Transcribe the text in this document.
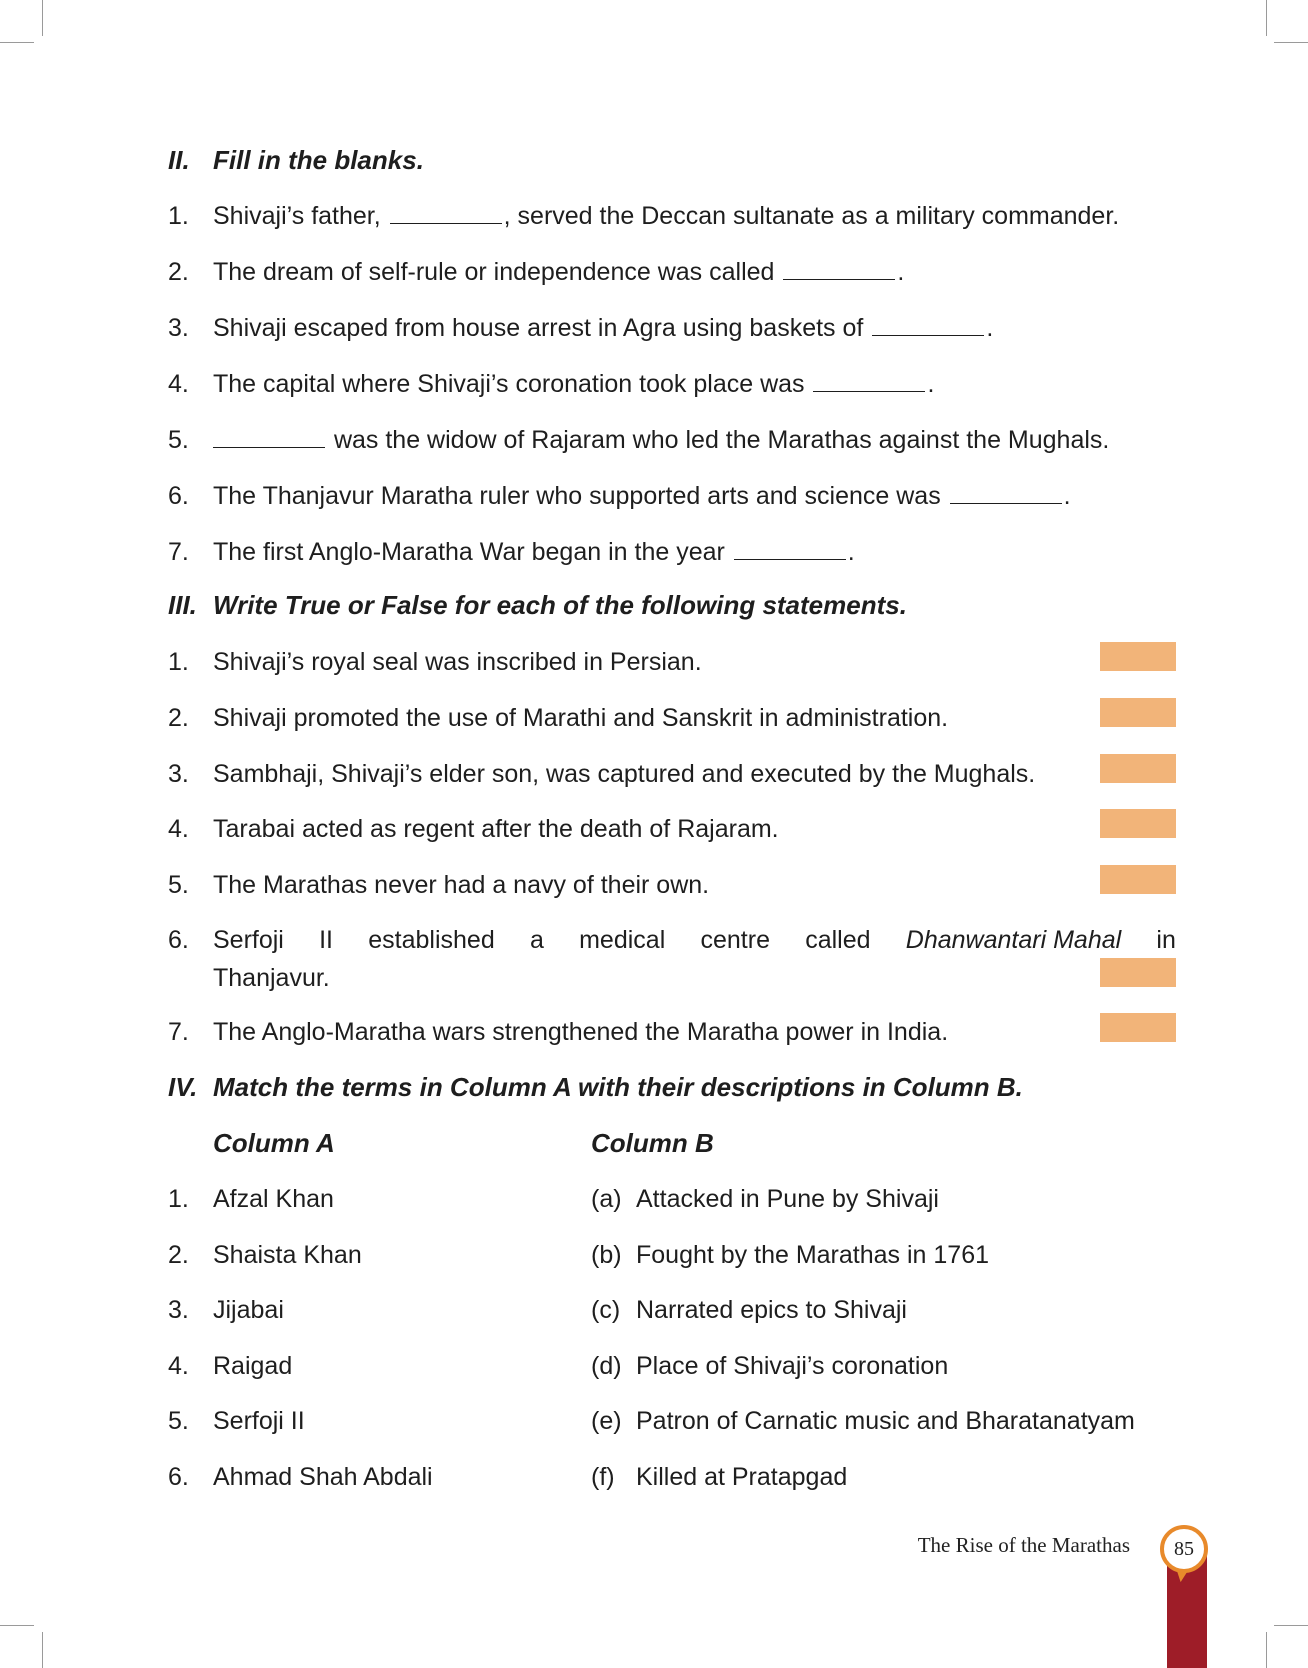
II. Fill in the blanks.
1. Shivaji’s father,	, served the Deccan sultanate as a military commander.
2. The dream of self-rule or independence was called	.
3. Shivaji escaped from house arrest in Agra using baskets of	.
4. The capital where Shivaji’s coronation took place was	.
5.	was the widow of Rajaram who led the Marathas against the Mughals.
6. The Thanjavur Maratha ruler who supported arts and science was	.
7. The first Anglo-Maratha War began in the year	.
III. Write True or False for each of the following statements.
1. Shivaji’s royal seal was inscribed in Persian.
2. Shivaji promoted the use of Marathi and Sanskrit in administration.
3. Sambhaji, Shivaji’s elder son, was captured and executed by the Mughals.
4. Tarabai acted as regent after the death of Rajaram.
5. The Marathas never had a navy of their own.
6. Serfoji II established a medical centre called Dhanwantari Mahal in
Thanjavur.
7. The Anglo-Maratha wars strengthened the Maratha power in India.
IV. Match the terms in Column A with their descriptions in Column B.
Column A	Column B
1. Afzal Khan	(a) Attacked in Pune by Shivaji
2. Shaista Khan	(b) Fought by the Marathas in 1761
3. Jijabai	(c) Narrated epics to Shivaji
4. Raigad	(d) Place of Shivaji’s coronation
5. Serfoji II	(e) Patron of Carnatic music and Bharatanatyam
6. Ahmad Shah Abdali	(f) Killed at Pratapgad
The Rise of the Marathas 85
